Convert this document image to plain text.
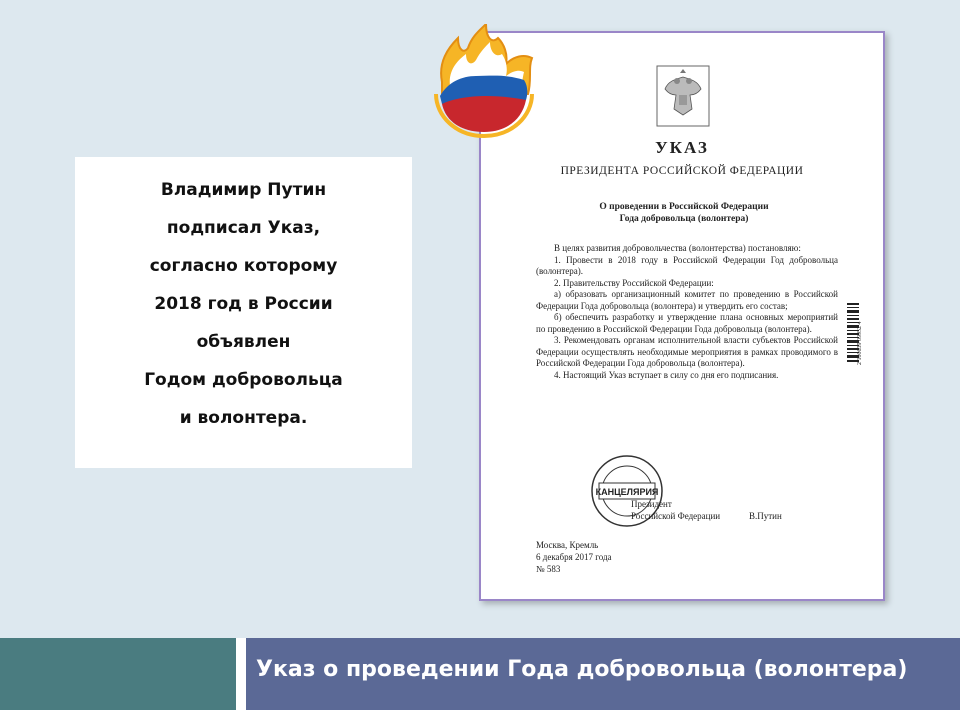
Владимир Путин
подписал Указ,
согласно которому
2018 год в России
объявлен
Годом добровольца
и волонтера.
УКАЗ
ПРЕЗИДЕНТА РОССИЙСКОЙ ФЕДЕРАЦИИ
О проведении в Российской Федерации
Года добровольца (волонтера)

В целях развития добровольчества (волонтерства) постановляю:

1. Провести в 2018 году в Российской Федерации Год добровольца (волонтера).

2. Правительству Российской Федерации:

а) образовать организационный комитет по проведению в Российской Федерации Года добровольца (волонтера) и утвердить его состав;

б) обеспечить разработку и утверждение плана основных мероприятий по проведению в Российской Федерации Года добровольца (волонтера).

3. Рекомендовать органам исполнительной власти субъектов Российской Федерации осуществлять необходимые мероприятия в рамках проводимого в Российской Федерации Года добровольца (волонтера).

4. Настоящий Указ вступает в силу со дня его подписания.

КАНЦЕЛЯРИЯ
Президент
Российской Федерации	В.Путин
Москва, Кремль
6 декабря 2017 года
№ 583
2 100639 09952 4
Указ о проведении Года добровольца (волонтера)
